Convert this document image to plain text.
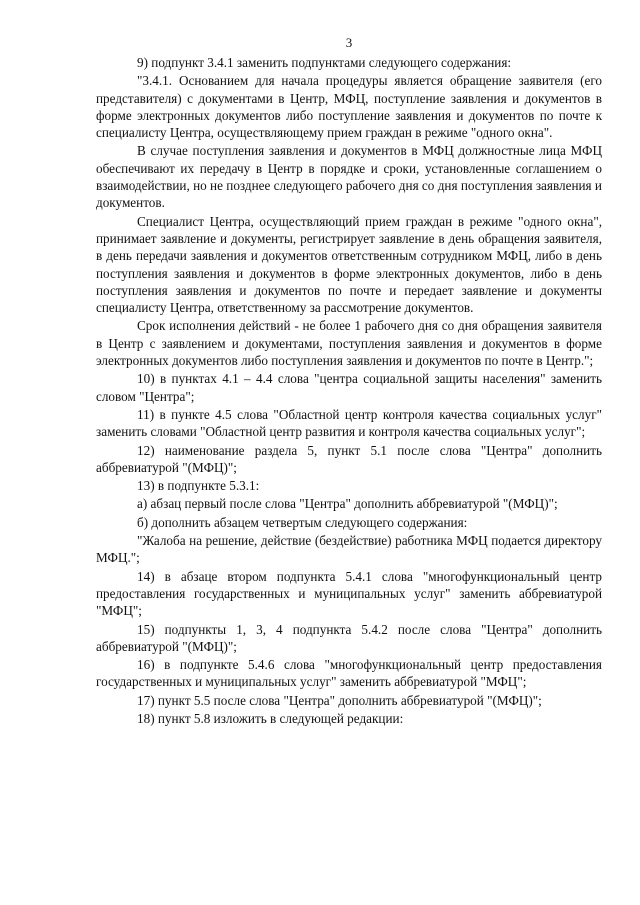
3

9) подпункт 3.4.1 заменить подпунктами следующего содержания:

"3.4.1. Основанием для начала процедуры является обращение заявителя (его представителя) с документами в Центр, МФЦ, поступление заявления и документов в форме электронных документов либо поступление заявления и документов по почте к специалисту Центра, осуществляющему прием граждан в режиме "одного окна".

В случае поступления заявления и документов в МФЦ должностные лица МФЦ обеспечивают их передачу в Центр в порядке и сроки, установленные соглашением о взаимодействии, но не позднее следующего рабочего дня со дня поступления заявления и документов.

Специалист Центра, осуществляющий прием граждан в режиме "одного окна", принимает заявление и документы, регистрирует заявление в день обращения заявителя, в день передачи заявления и документов ответственным сотрудником МФЦ, либо в день поступления заявления и документов в форме электронных документов, либо в день поступления заявления и документов по почте и передает заявление и документы специалисту Центра, ответственному за рассмотрение документов.

Срок исполнения действий - не более 1 рабочего дня со дня обращения заявителя в Центр с заявлением и документами, поступления заявления и документов в форме электронных документов либо поступления заявления и документов по почте в Центр.";

10) в пунктах 4.1 – 4.4 слова "центра социальной защиты населения" заменить словом "Центра";

11) в пункте 4.5 слова "Областной центр контроля качества социальных услуг" заменить словами "Областной центр развития и контроля качества социальных услуг";

12) наименование раздела 5, пункт 5.1 после слова "Центра" дополнить аббревиатурой "(МФЦ)";

13) в подпункте 5.3.1:

а) абзац первый после слова "Центра" дополнить аббревиатурой "(МФЦ)";

б) дополнить абзацем четвертым следующего содержания:

"Жалоба на решение, действие (бездействие) работника МФЦ подается директору МФЦ.";

14) в абзаце втором подпункта 5.4.1 слова "многофункциональный центр предоставления государственных и муниципальных услуг" заменить аббревиатурой "МФЦ";

15) подпункты 1, 3, 4 подпункта 5.4.2 после слова "Центра" дополнить аббревиатурой "(МФЦ)";

16) в подпункте 5.4.6 слова "многофункциональный центр предоставления государственных и муниципальных услуг" заменить аббревиатурой "МФЦ";

17) пункт 5.5 после слова "Центра" дополнить аббревиатурой "(МФЦ)";

18) пункт 5.8 изложить в следующей редакции:
